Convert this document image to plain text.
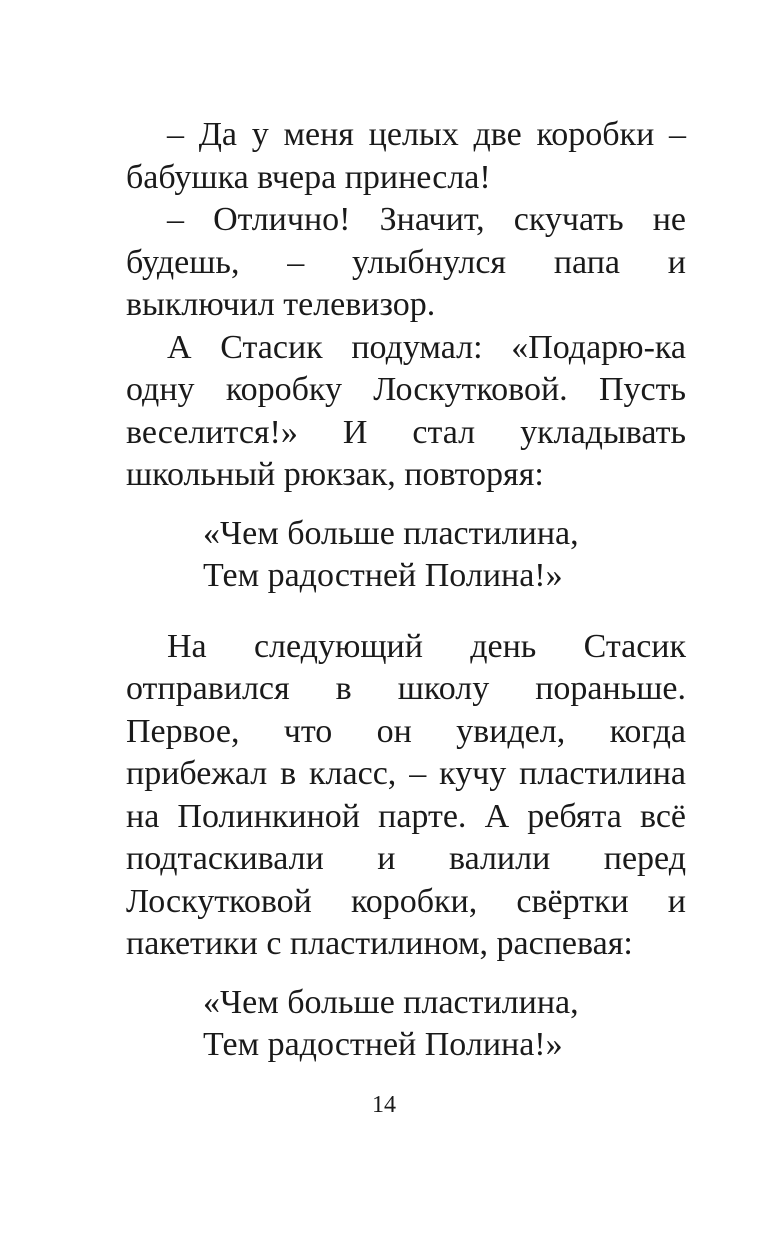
– Да у меня целых две коробки – бабушка вчера принесла!

– Отлично! Значит, скучать не будешь, – улыбнулся папа и выключил телевизор.

А Стасик подумал: «Подарю-ка одну коробку Лоскутковой. Пусть веселится!» И стал укладывать школьный рюкзак, повторяя:

«Чем больше пластилина,
Тем радостней Полина!»

На следующий день Стасик отправился в школу пораньше. Первое, что он увидел, когда прибежал в класс, – кучу пластилина на Полинкиной парте. А ребята всё подтаскивали и валили перед Лоскутковой коробки, свёртки и пакетики с пластилином, распевая:

«Чем больше пластилина,
Тем радостней Полина!»
14
